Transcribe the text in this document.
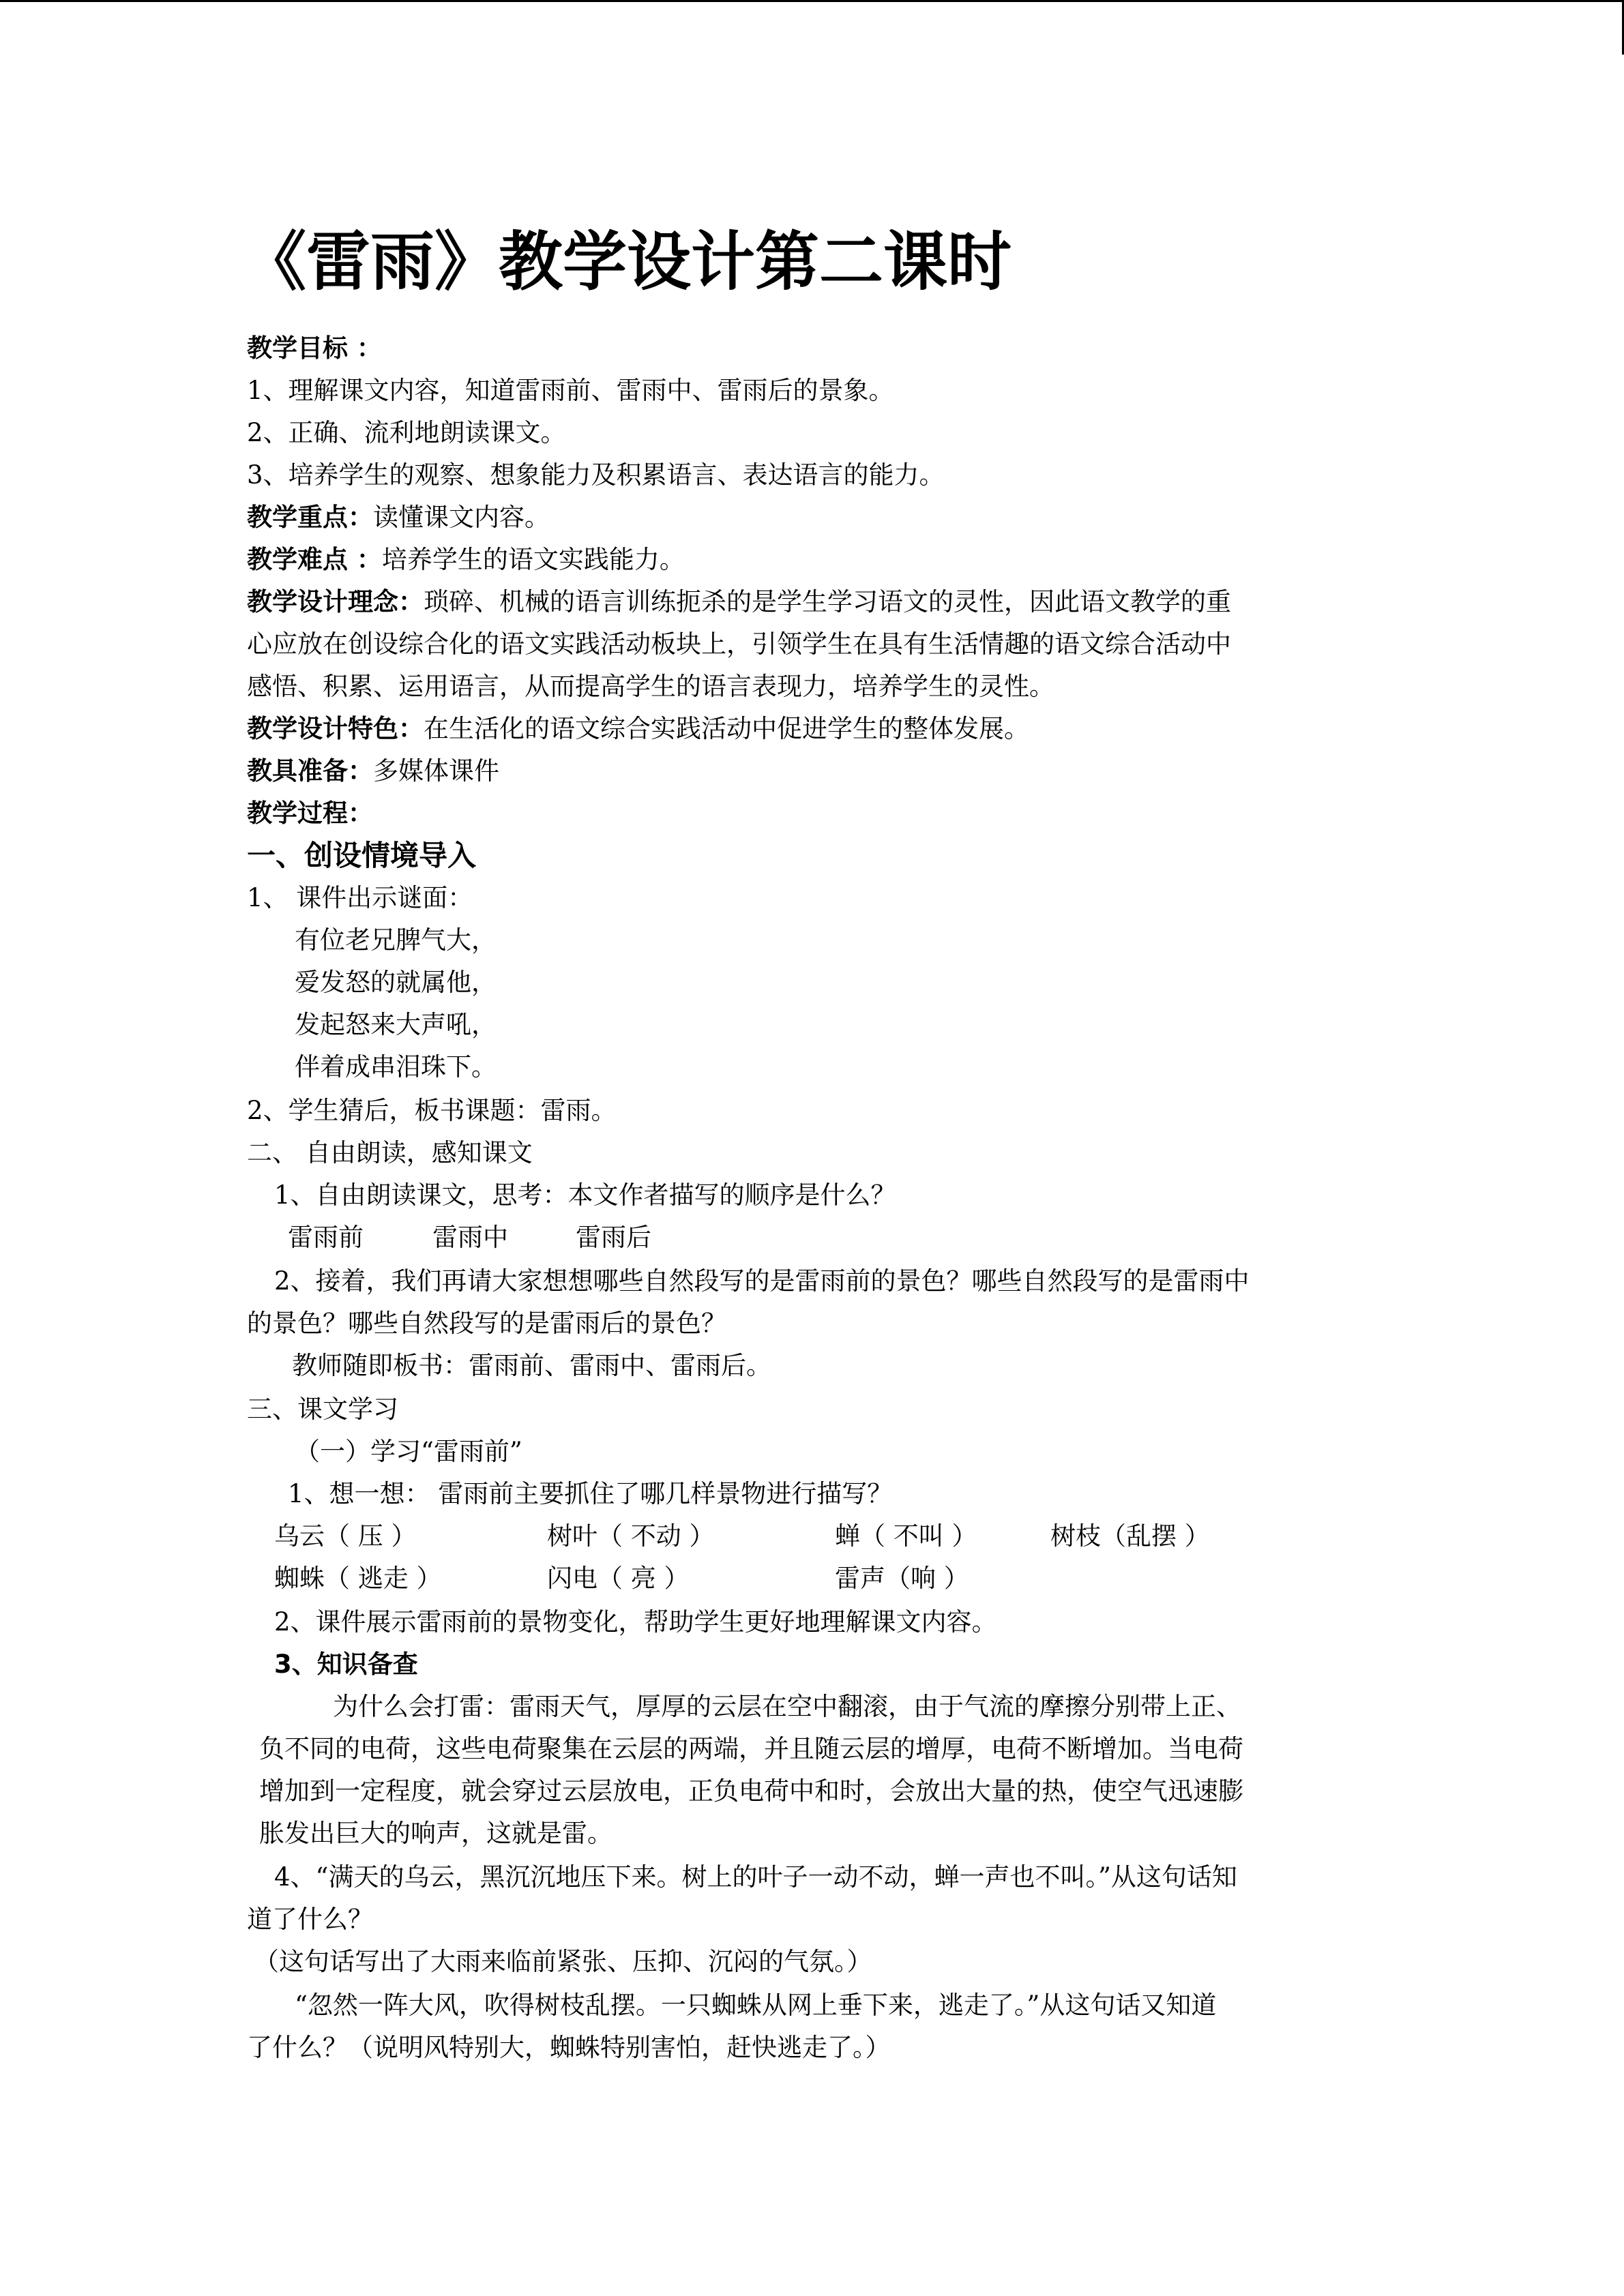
《雷雨》教学设计第二课时
教学目标 ：
1、理解课文内容，知道雷雨前、雷雨中、雷雨后的景象。
2、正确、流利地朗读课文。
3、培养学生的观察、想象能力及积累语言、表达语言的能力。
教学重点：读懂课文内容。
教学难点 ：培养学生的语文实践能力。
教学设计理念：琐碎、机械的语言训练扼杀的是学生学习语文的灵性，因此语文教学的重
心应放在创设综合化的语文实践活动板块上，引领学生在具有生活情趣的语文综合活动中
感悟、积累、运用语言，从而提高学生的语言表现力，培养学生的灵性。
教学设计特色：在生活化的语文综合实践活动中促进学生的整体发展。
教具准备：多媒体课件
教学过程：
一、创设情境导入
1、 课件出示谜面：
有位老兄脾气大，
爱发怒的就属他，
发起怒来大声吼，
伴着成串泪珠下。
2、学生猜后，板书课题：雷雨。
二、 自由朗读，感知课文
1、自由朗读课文，思考：本文作者描写的顺序是什么？
雷雨前	雷雨中	雷雨后
2、接着，我们再请大家想想哪些自然段写的是雷雨前的景色？哪些自然段写的是雷雨中
的景色？哪些自然段写的是雷雨后的景色？
教师随即板书：雷雨前、雷雨中、雷雨后。
三、课文学习
（一）学习“雷雨前”
1、想一想： 雷雨前主要抓住了哪几样景物进行描写？
乌云（ 压 ）	树叶（ 不动 ）	蝉（ 不叫 ）	树枝（乱摆 ）
蜘蛛（ 逃走 ）	闪电（ 亮 ）	雷声（响 ）
2、课件展示雷雨前的景物变化，帮助学生更好地理解课文内容。
3、知识备查
为什么会打雷：雷雨天气，厚厚的云层在空中翻滚，由于气流的摩擦分别带上正、
负不同的电荷，这些电荷聚集在云层的两端，并且随云层的增厚，电荷不断增加。当电荷
增加到一定程度，就会穿过云层放电，正负电荷中和时，会放出大量的热，使空气迅速膨
胀发出巨大的响声，这就是雷。
4、“满天的乌云，黑沉沉地压下来。树上的叶子一动不动，蝉一声也不叫。”从这句话知
道了什么？
（这句话写出了大雨来临前紧张、压抑、沉闷的气氛。）
“忽然一阵大风，吹得树枝乱摆。一只蜘蛛从网上垂下来，逃走了。”从这句话又知道
了什么？（说明风特别大，蜘蛛特别害怕，赶快逃走了。）
